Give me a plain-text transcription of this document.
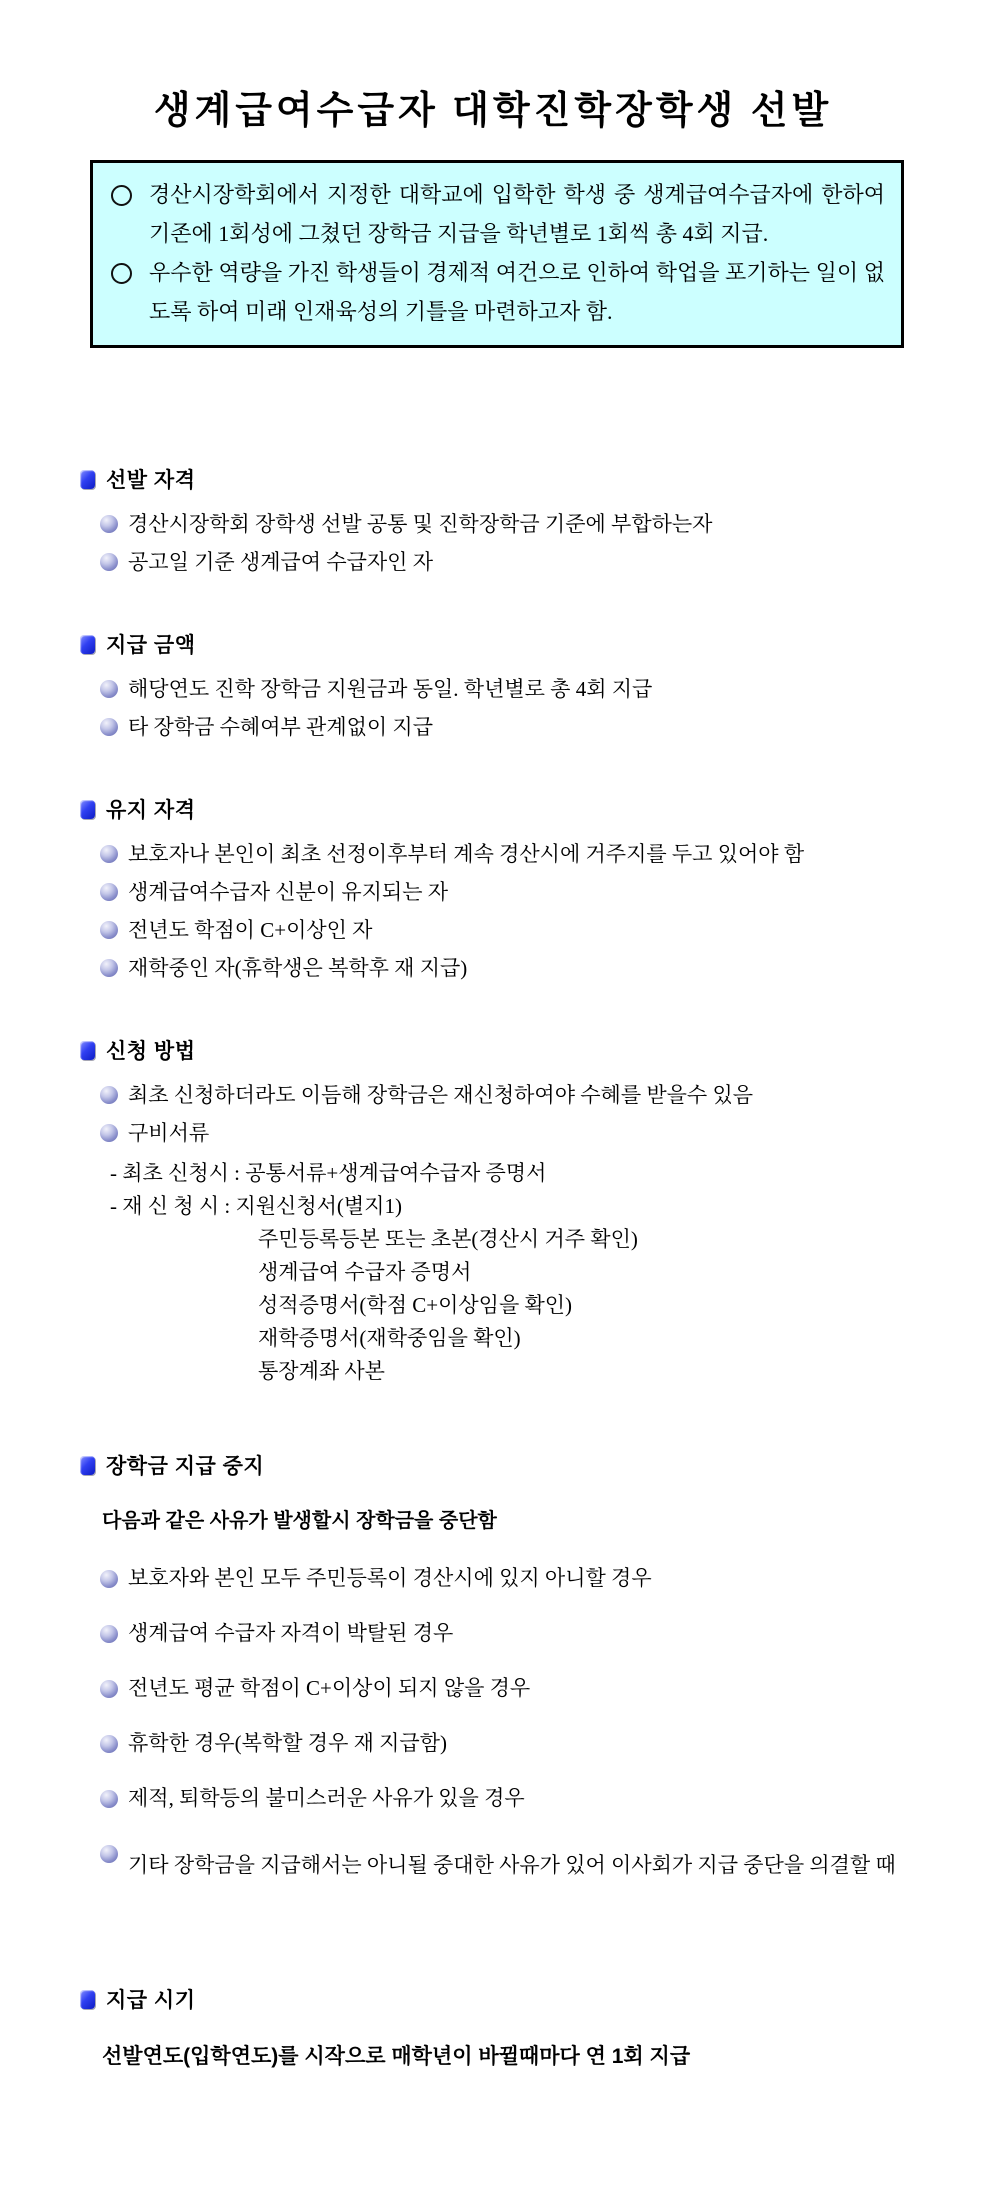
생계급여수급자 대학진학장학생 선발

경산시장학회에서 지정한 대학교에 입학한 학생 중 생계급여수급자에 한하여 기존에 1회성에 그쳤던 장학금 지급을 학년별로 1회씩 총 4회 지급.

우수한 역량을 가진 학생들이 경제적 여건으로 인하여 학업을 포기하는 일이 없도록 하여 미래 인재육성의 기틀을 마련하고자 함.

선발 자격
경산시장학회 장학생 선발 공통 및 진학장학금 기준에 부합하는자
공고일 기준 생계급여 수급자인 자
지급 금액
해당연도 진학 장학금 지원금과 동일. 학년별로 총 4회 지급
타 장학금 수혜여부 관계없이 지급
유지 자격
보호자나 본인이 최초 선정이후부터 계속 경산시에 거주지를 두고 있어야 함
생계급여수급자 신분이 유지되는 자
전년도 학점이 C+이상인 자
재학중인 자(휴학생은 복학후 재 지급)
신청 방법
최초 신청하더라도 이듬해 장학금은 재신청하여야 수혜를 받을수 있음
구비서류
- 최초 신청시 : 공통서류+생계급여수급자 증명서
- 재 신 청 시 : 지원신청서(별지1)
주민등록등본 또는 초본(경산시 거주 확인)
생계급여 수급자 증명서
성적증명서(학점 C+이상임을 확인)
재학증명서(재학중임을 확인)
통장계좌 사본
장학금 지급 중지
다음과 같은 사유가 발생할시 장학금을 중단함
보호자와 본인 모두 주민등록이 경산시에 있지 아니할 경우
생계급여 수급자 자격이 박탈된 경우
전년도 평균 학점이 C+이상이 되지 않을 경우
휴학한 경우(복학할 경우 재 지급함)
제적, 퇴학등의 불미스러운 사유가 있을 경우
기타 장학금을 지급해서는 아니될 중대한 사유가 있어 이사회가 지급 중단을 의결할 때
지급 시기
선발연도(입학연도)를 시작으로 매학년이 바뀔때마다 연 1회 지급
